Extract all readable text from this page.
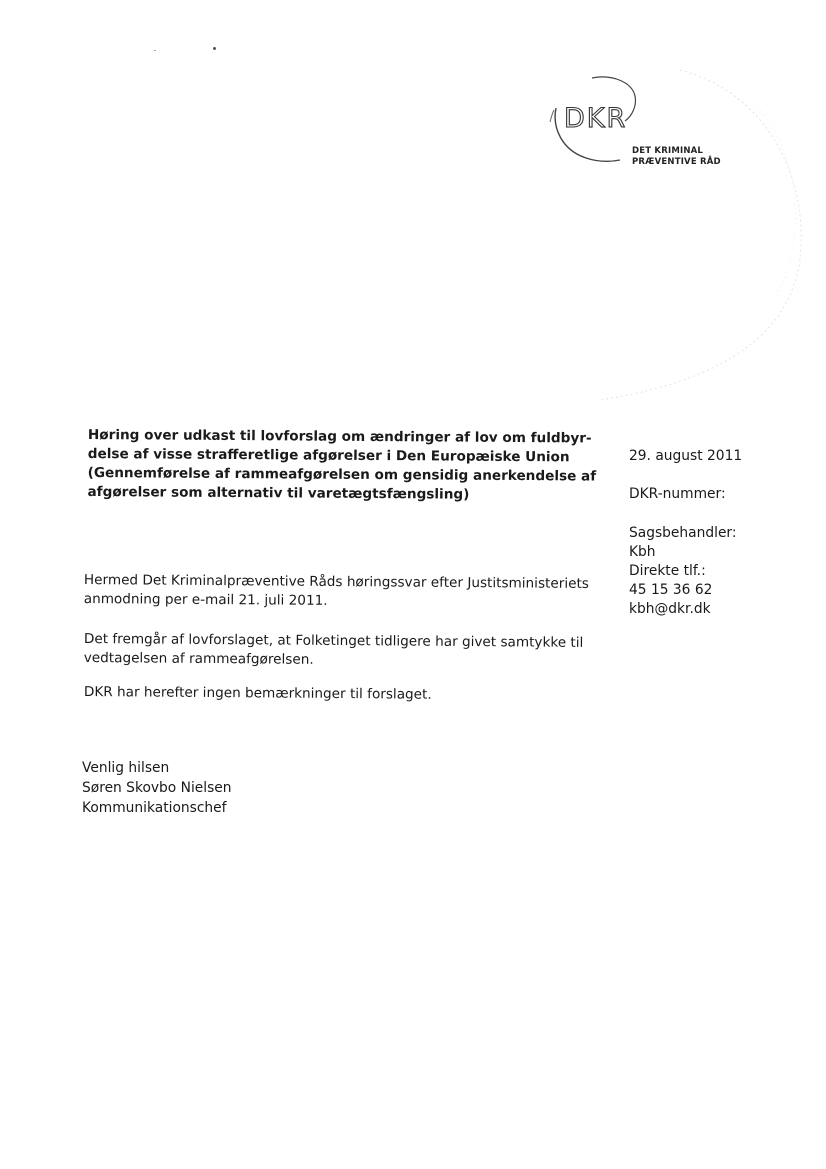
DKR
DET KRIMINAL
PRÆVENTIVE RÅD
Høring over udkast til lovforslag om ændringer af lov om fuldbyr-
delse af visse strafferetlige afgørelser i Den Europæiske Union
(Gennemførelse af rammeafgørelsen om gensidig anerkendelse af
afgørelser som alternativ til varetægtsfængsling)
29. august 2011
DKR-nummer:
Sagsbehandler:
Kbh
Direkte tlf.:
45 15 36 62
kbh@dkr.dk
Hermed Det Kriminalpræventive Råds høringssvar efter Justitsministeriets
anmodning per e-mail 21. juli 2011.
Det fremgår af lovforslaget, at Folketinget tidligere har givet samtykke til
vedtagelsen af rammeafgørelsen.
DKR har herefter ingen bemærkninger til forslaget.
Venlig hilsen
Søren Skovbo Nielsen
Kommunikationschef
